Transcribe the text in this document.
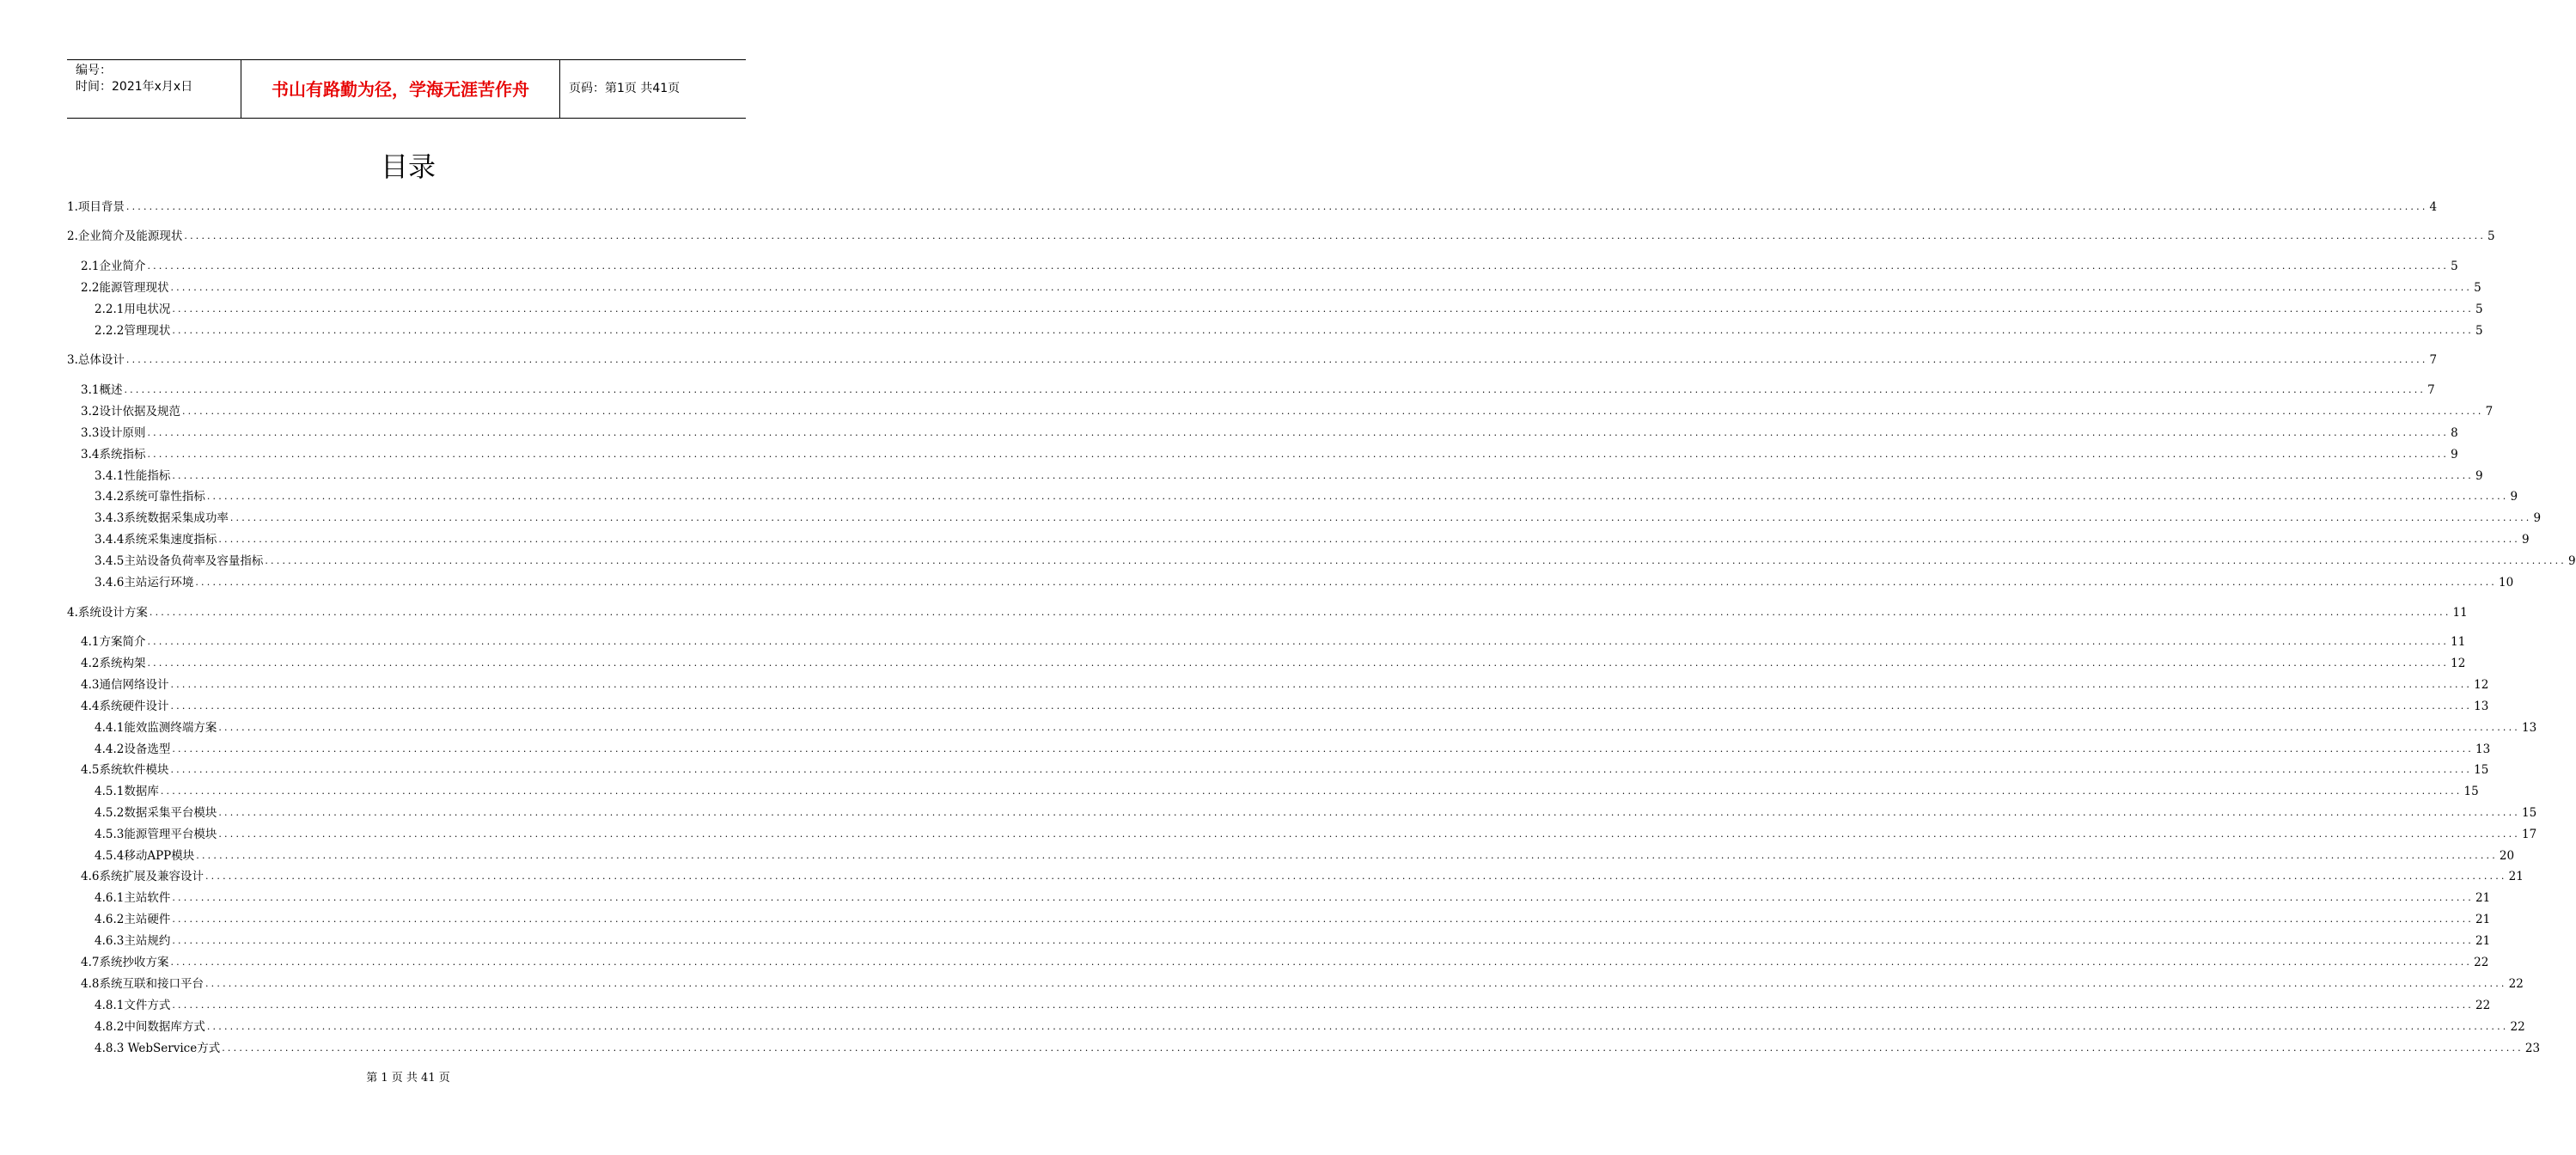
编号：
时间：2021年x月x日	书山有路勤为径，学海无涯苦作舟	页码：第1页 共41页
目录
1.项目背景 ................................................................................................................................................................................................................................................................................................................................................................................................................ 4
2.企业简介及能源现状 ................................................................................................................................................................................................................................................................................................................................................................................................................ 5
2.1企业简介 ................................................................................................................................................................................................................................................................................................................................................................................................................ 5
2.2能源管理现状 ................................................................................................................................................................................................................................................................................................................................................................................................................ 5
2.2.1用电状况 ................................................................................................................................................................................................................................................................................................................................................................................................................ 5
2.2.2管理现状 ................................................................................................................................................................................................................................................................................................................................................................................................................ 5
3.总体设计 ................................................................................................................................................................................................................................................................................................................................................................................................................ 7
3.1概述 ................................................................................................................................................................................................................................................................................................................................................................................................................ 7
3.2设计依据及规范 ................................................................................................................................................................................................................................................................................................................................................................................................................ 7
3.3设计原则 ................................................................................................................................................................................................................................................................................................................................................................................................................ 8
3.4系统指标 ................................................................................................................................................................................................................................................................................................................................................................................................................ 9
3.4.1性能指标 ................................................................................................................................................................................................................................................................................................................................................................................................................ 9
3.4.2系统可靠性指标 ................................................................................................................................................................................................................................................................................................................................................................................................................ 9
3.4.3系统数据采集成功率 ................................................................................................................................................................................................................................................................................................................................................................................................................ 9
3.4.4系统采集速度指标 ................................................................................................................................................................................................................................................................................................................................................................................................................ 9
3.4.5主站设备负荷率及容量指标 ................................................................................................................................................................................................................................................................................................................................................................................................................ 9
3.4.6主站运行环境 ................................................................................................................................................................................................................................................................................................................................................................................................................ 10
4.系统设计方案 ................................................................................................................................................................................................................................................................................................................................................................................................................ 11
4.1方案简介 ................................................................................................................................................................................................................................................................................................................................................................................................................ 11
4.2系统构架 ................................................................................................................................................................................................................................................................................................................................................................................................................ 12
4.3通信网络设计 ................................................................................................................................................................................................................................................................................................................................................................................................................ 12
4.4系统硬件设计 ................................................................................................................................................................................................................................................................................................................................................................................................................ 13
4.4.1能效监测终端方案 ................................................................................................................................................................................................................................................................................................................................................................................................................ 13
4.4.2设备选型 ................................................................................................................................................................................................................................................................................................................................................................................................................ 13
4.5系统软件模块 ................................................................................................................................................................................................................................................................................................................................................................................................................ 15
4.5.1数据库 ................................................................................................................................................................................................................................................................................................................................................................................................................ 15
4.5.2数据采集平台模块 ................................................................................................................................................................................................................................................................................................................................................................................................................ 15
4.5.3能源管理平台模块 ................................................................................................................................................................................................................................................................................................................................................................................................................ 17
4.5.4移动APP模块 ................................................................................................................................................................................................................................................................................................................................................................................................................ 20
4.6系统扩展及兼容设计 ................................................................................................................................................................................................................................................................................................................................................................................................................ 21
4.6.1主站软件 ................................................................................................................................................................................................................................................................................................................................................................................................................ 21
4.6.2主站硬件 ................................................................................................................................................................................................................................................................................................................................................................................................................ 21
4.6.3主站规约 ................................................................................................................................................................................................................................................................................................................................................................................................................ 21
4.7系统抄收方案 ................................................................................................................................................................................................................................................................................................................................................................................................................ 22
4.8系统互联和接口平台 ................................................................................................................................................................................................................................................................................................................................................................................................................ 22
4.8.1文件方式 ................................................................................................................................................................................................................................................................................................................................................................................................................ 22
4.8.2中间数据库方式 ................................................................................................................................................................................................................................................................................................................................................................................................................ 22
4.8.3 WebService方式 ................................................................................................................................................................................................................................................................................................................................................................................................................ 23
第 1 页 共 41 页
